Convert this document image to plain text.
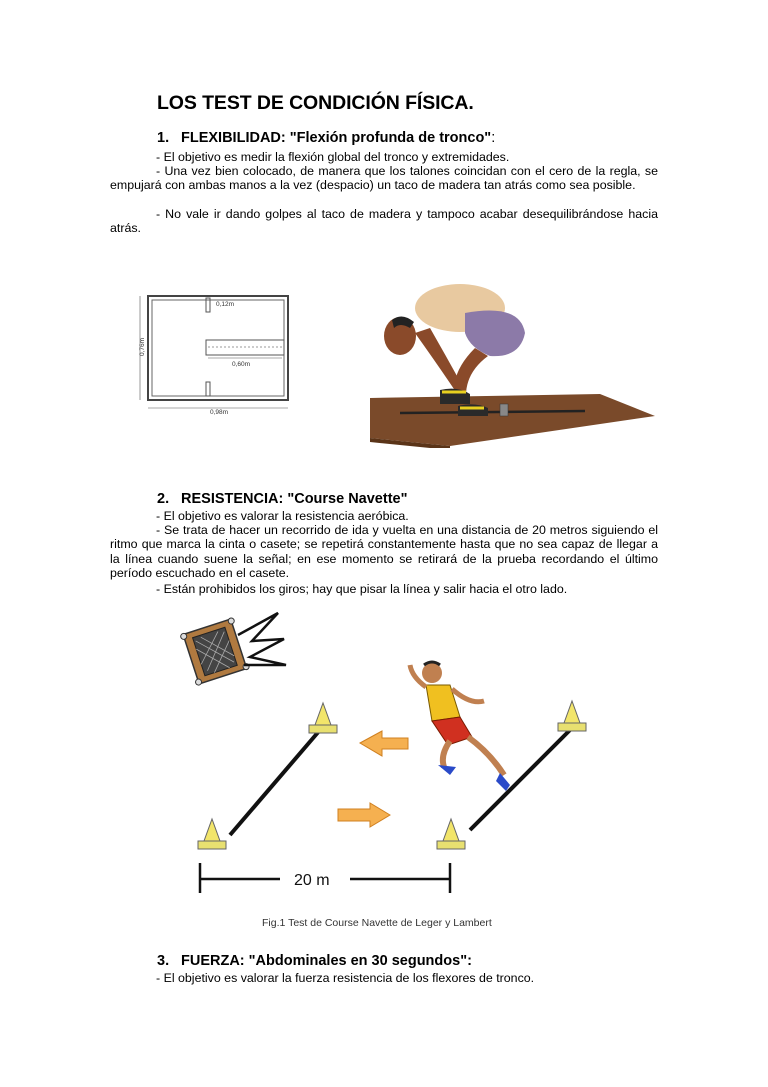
LOS TEST DE CONDICIÓN FÍSICA.
1. FLEXIBILIDAD: "Flexión profunda de tronco":

- El objetivo es medir la flexión global del tronco y extremidades.

- Una vez bien colocado, de manera que los talones coincidan con el cero de la regla, se empujará con ambas manos a la vez (despacio) un taco de madera tan atrás como sea posible.

- No vale ir dando golpes al taco de madera y tampoco acabar desequilibrándose hacia atrás.

0,12m
0,60m
0,76m
0,98m
2. RESISTENCIA: "Course Navette"

- El objetivo es valorar la resistencia aeróbica.

- Se trata de hacer un recorrido de ida y vuelta en una distancia de 20 metros siguiendo el ritmo que marca la cinta o casete; se repetirá constantemente hasta que no sea capaz de llegar a la línea cuando suene la señal; en ese momento se retirará de la prueba recordando el último período escuchado en el casete.

- Están prohibidos los giros; hay que pisar la línea y salir hacia el otro lado.

20 m
Fig.1 Test de Course Navette de Leger y Lambert
3. FUERZA: "Abdominales en 30 segundos":

- El objetivo es valorar la fuerza resistencia de los flexores de tronco.
